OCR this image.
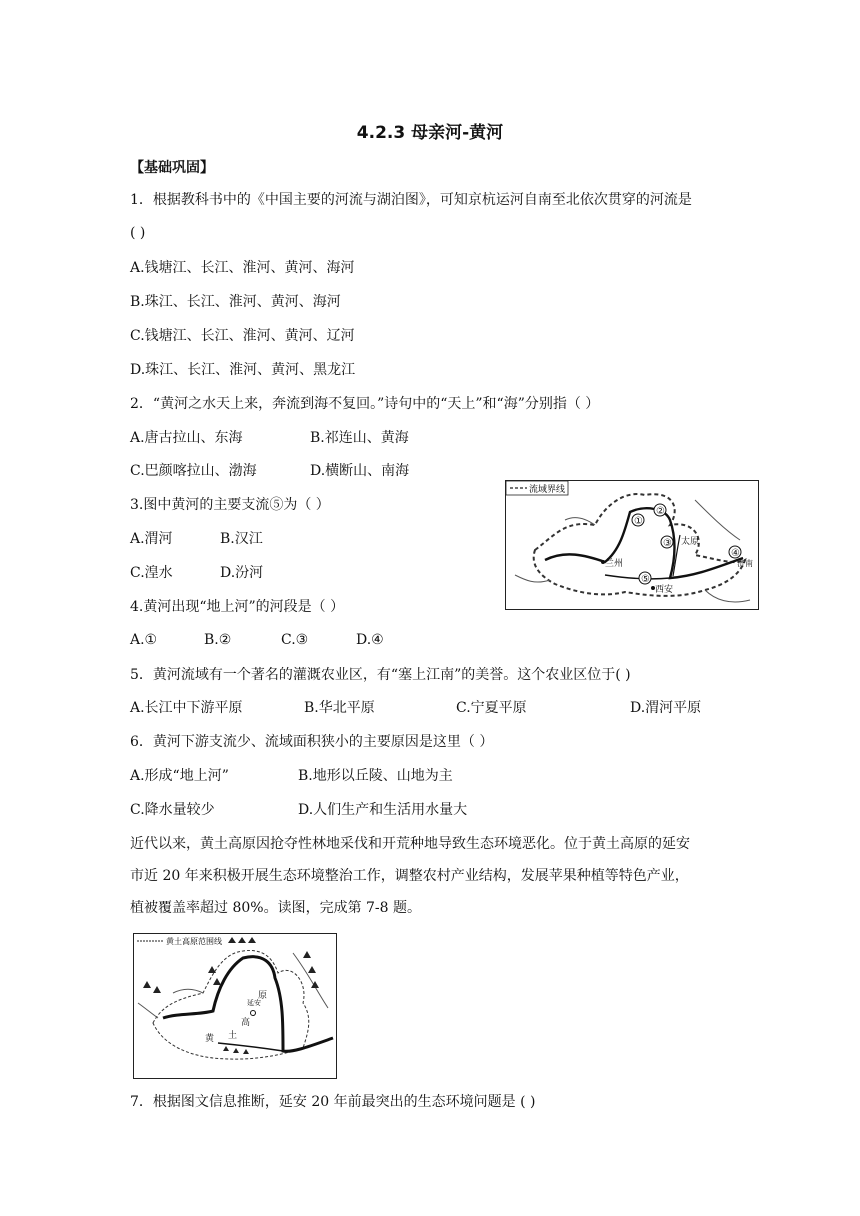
4.2.3 母亲河-黄河
【基础巩固】
1．根据教科书中的《中国主要的河流与湖泊图》，可知京杭运河自南至北依次贯穿的河流是
( )
A.钱塘江、长江、淮河、黄河、海河
B.珠江、长江、淮河、黄河、海河
C.钱塘江、长江、淮河、黄河、辽河
D.珠江、长江、淮河、黄河、黑龙江
2．“黄河之水天上来，奔流到海不复回。”诗句中的“天上”和“海”分别指（ ）
A.唐古拉山、东海	B.祁连山、黄海
C.巴颜喀拉山、渤海	D.横断山、南海
3.图中黄河的主要支流⑤为（ ）
A.渭河	B.汉江
C.湟水	D.汾河
4.黄河出现“地上河”的河段是（ ）
A.①	B.②	C.③	D.④
5．黄河流域有一个著名的灌溉农业区，有“塞上江南”的美誉。这个农业区位于( )
A.长江中下游平原	B.华北平原	C.宁夏平原	D.渭河平原
6．黄河下游支流少、流域面积狭小的主要原因是这里（ ）
A.形成“地上河”	B.地形以丘陵、山地为主
C.降水量较少	D.人们生产和生活用水量大
近代以来，黄土高原因抢夺性林地采伐和开荒种地导致生态环境恶化。位于黄土高原的延安
市近 20 年来积极开展生态环境整治工作，调整农村产业结构，发展苹果种植等特色产业，
植被覆盖率超过 80%。读图，完成第 7-8 题。
7．根据图文信息推断，延安 20 年前最突出的生态环境问题是 ( )
流域界线
①
②
③
④
⑤
兰州
西安
太原
济南
黄土高原范围线
延安
高
黄 土
原
